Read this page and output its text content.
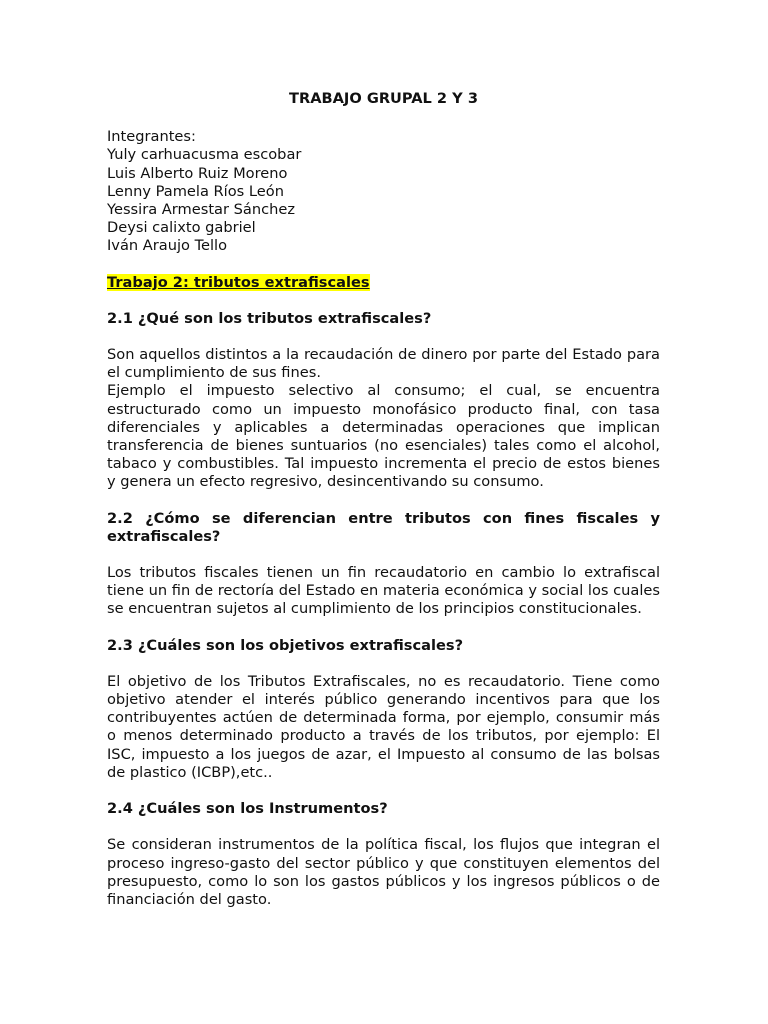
TRABAJO GRUPAL 2 Y 3
Integrantes:
Yuly carhuacusma escobar
Luis Alberto Ruiz Moreno
Lenny Pamela Ríos León
Yessira Armestar Sánchez
Deysi calixto gabriel
Iván Araujo Tello
Trabajo 2: tributos extrafiscales
2.1 ¿Qué son los tributos extrafiscales?
Son aquellos distintos a la recaudación de dinero por parte del Estado para el cumplimiento de sus fines.
Ejemplo el impuesto selectivo al consumo; el cual, se encuentra estructurado como un impuesto monofásico producto final, con tasa diferenciales y aplicables a determinadas operaciones que implican transferencia de bienes suntuarios (no esenciales) tales como el alcohol, tabaco y combustibles. Tal impuesto incrementa el precio de estos bienes y genera un efecto regresivo, desincentivando su consumo.
2.2 ¿Cómo se diferencian entre tributos con fines fiscales y extrafiscales?
Los tributos fiscales tienen un fin recaudatorio en cambio lo extrafiscal tiene un fin de rectoría del Estado en materia económica y social los cuales se encuentran sujetos al cumplimiento de los principios constitucionales.
2.3 ¿Cuáles son los objetivos extrafiscales?
El objetivo de los Tributos Extrafiscales, no es recaudatorio. Tiene como objetivo atender el interés público generando incentivos para que los contribuyentes actúen de determinada forma, por ejemplo, consumir más o menos determinado producto a través de los tributos, por ejemplo: El ISC, impuesto a los juegos de azar, el Impuesto al consumo de las bolsas de plastico (ICBP),etc..
2.4 ¿Cuáles son los Instrumentos?
Se consideran instrumentos de la política fiscal, los flujos que integran el proceso ingreso-gasto del sector público y que constituyen elementos del presupuesto, como lo son los gastos públicos y los ingresos públicos o de financiación del gasto.
